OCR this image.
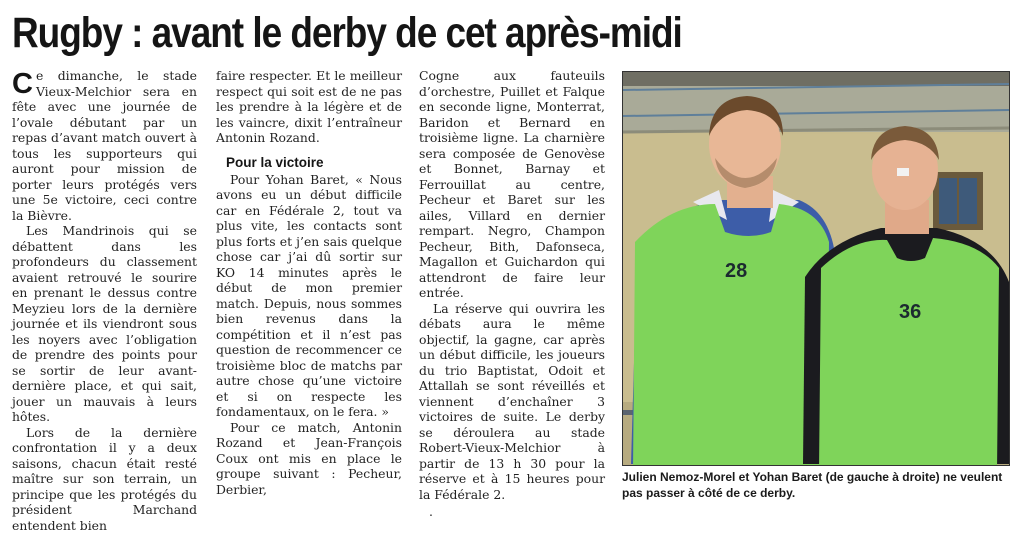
Rugby : avant le derby de cet après-midi

Ce dimanche, le stade Vieux-Melchior sera en fête avec une journée de l’ovale débutant par un repas d’avant match ouvert à tous les supporteurs qui auront pour mission de porter leurs protégés vers une 5e victoire, ceci contre la Bièvre.

Les Mandrinois qui se débattent dans les profondeurs du classement avaient retrouvé le sourire en prenant le dessus contre Meyzieu lors de la dernière journée et ils viendront sous les noyers avec l’obligation de prendre des points pour se sortir de leur avant-dernière place, et qui sait, jouer un mauvais à leurs hôtes.

Lors de la dernière confrontation il y a deux saisons, chacun était resté maître sur son terrain, un principe que les protégés du président Marchand entendent bien

faire respecter. Et le meilleur respect qui soit est de ne pas les prendre à la légère et de les vaincre, dixit l’entraîneur Antonin Rozand.

Pour la victoire

Pour Yohan Baret, « Nous avons eu un début difficile car en Fédérale 2, tout va plus vite, les contacts sont plus forts et j’en sais quelque chose car j’ai dû sortir sur KO 14 minutes après le début de mon premier match. Depuis, nous sommes bien revenus dans la compétition et il n’est pas question de recommencer ce troisième bloc de matchs par autre chose qu’une victoire et si on respecte les fondamentaux, on le fera. »

Pour ce match, Antonin Rozand et Jean-François Coux ont mis en place le groupe suivant : Pecheur, Derbier,

Cogne aux fauteuils d’orchestre, Puillet et Falque en seconde ligne, Monterrat, Baridon et Bernard en troisième ligne. La charnière sera composée de Genovèse et Bonnet, Barnay et Ferrouillat au centre, Pecheur et Baret sur les ailes, Villard en dernier rempart. Negro, Champon Pecheur, Bith, Dafonseca, Magallon et Guichardon qui attendront de faire leur entrée.

La réserve qui ouvrira les débats aura le même objectif, la gagne, car après un début difficile, les joueurs du trio Baptistat, Odoit et Attallah se sont réveillés et viennent d’enchaîner 3 victoires de suite. Le derby se déroulera au stade Robert-Vieux-Melchior à partir de 13 h 30 pour la réserve et à 15 heures pour la Fédérale 2.

.
28
36
Julien Nemoz-Morel et Yohan Baret (de gauche à droite) ne veulent pas passer à côté de ce derby.
